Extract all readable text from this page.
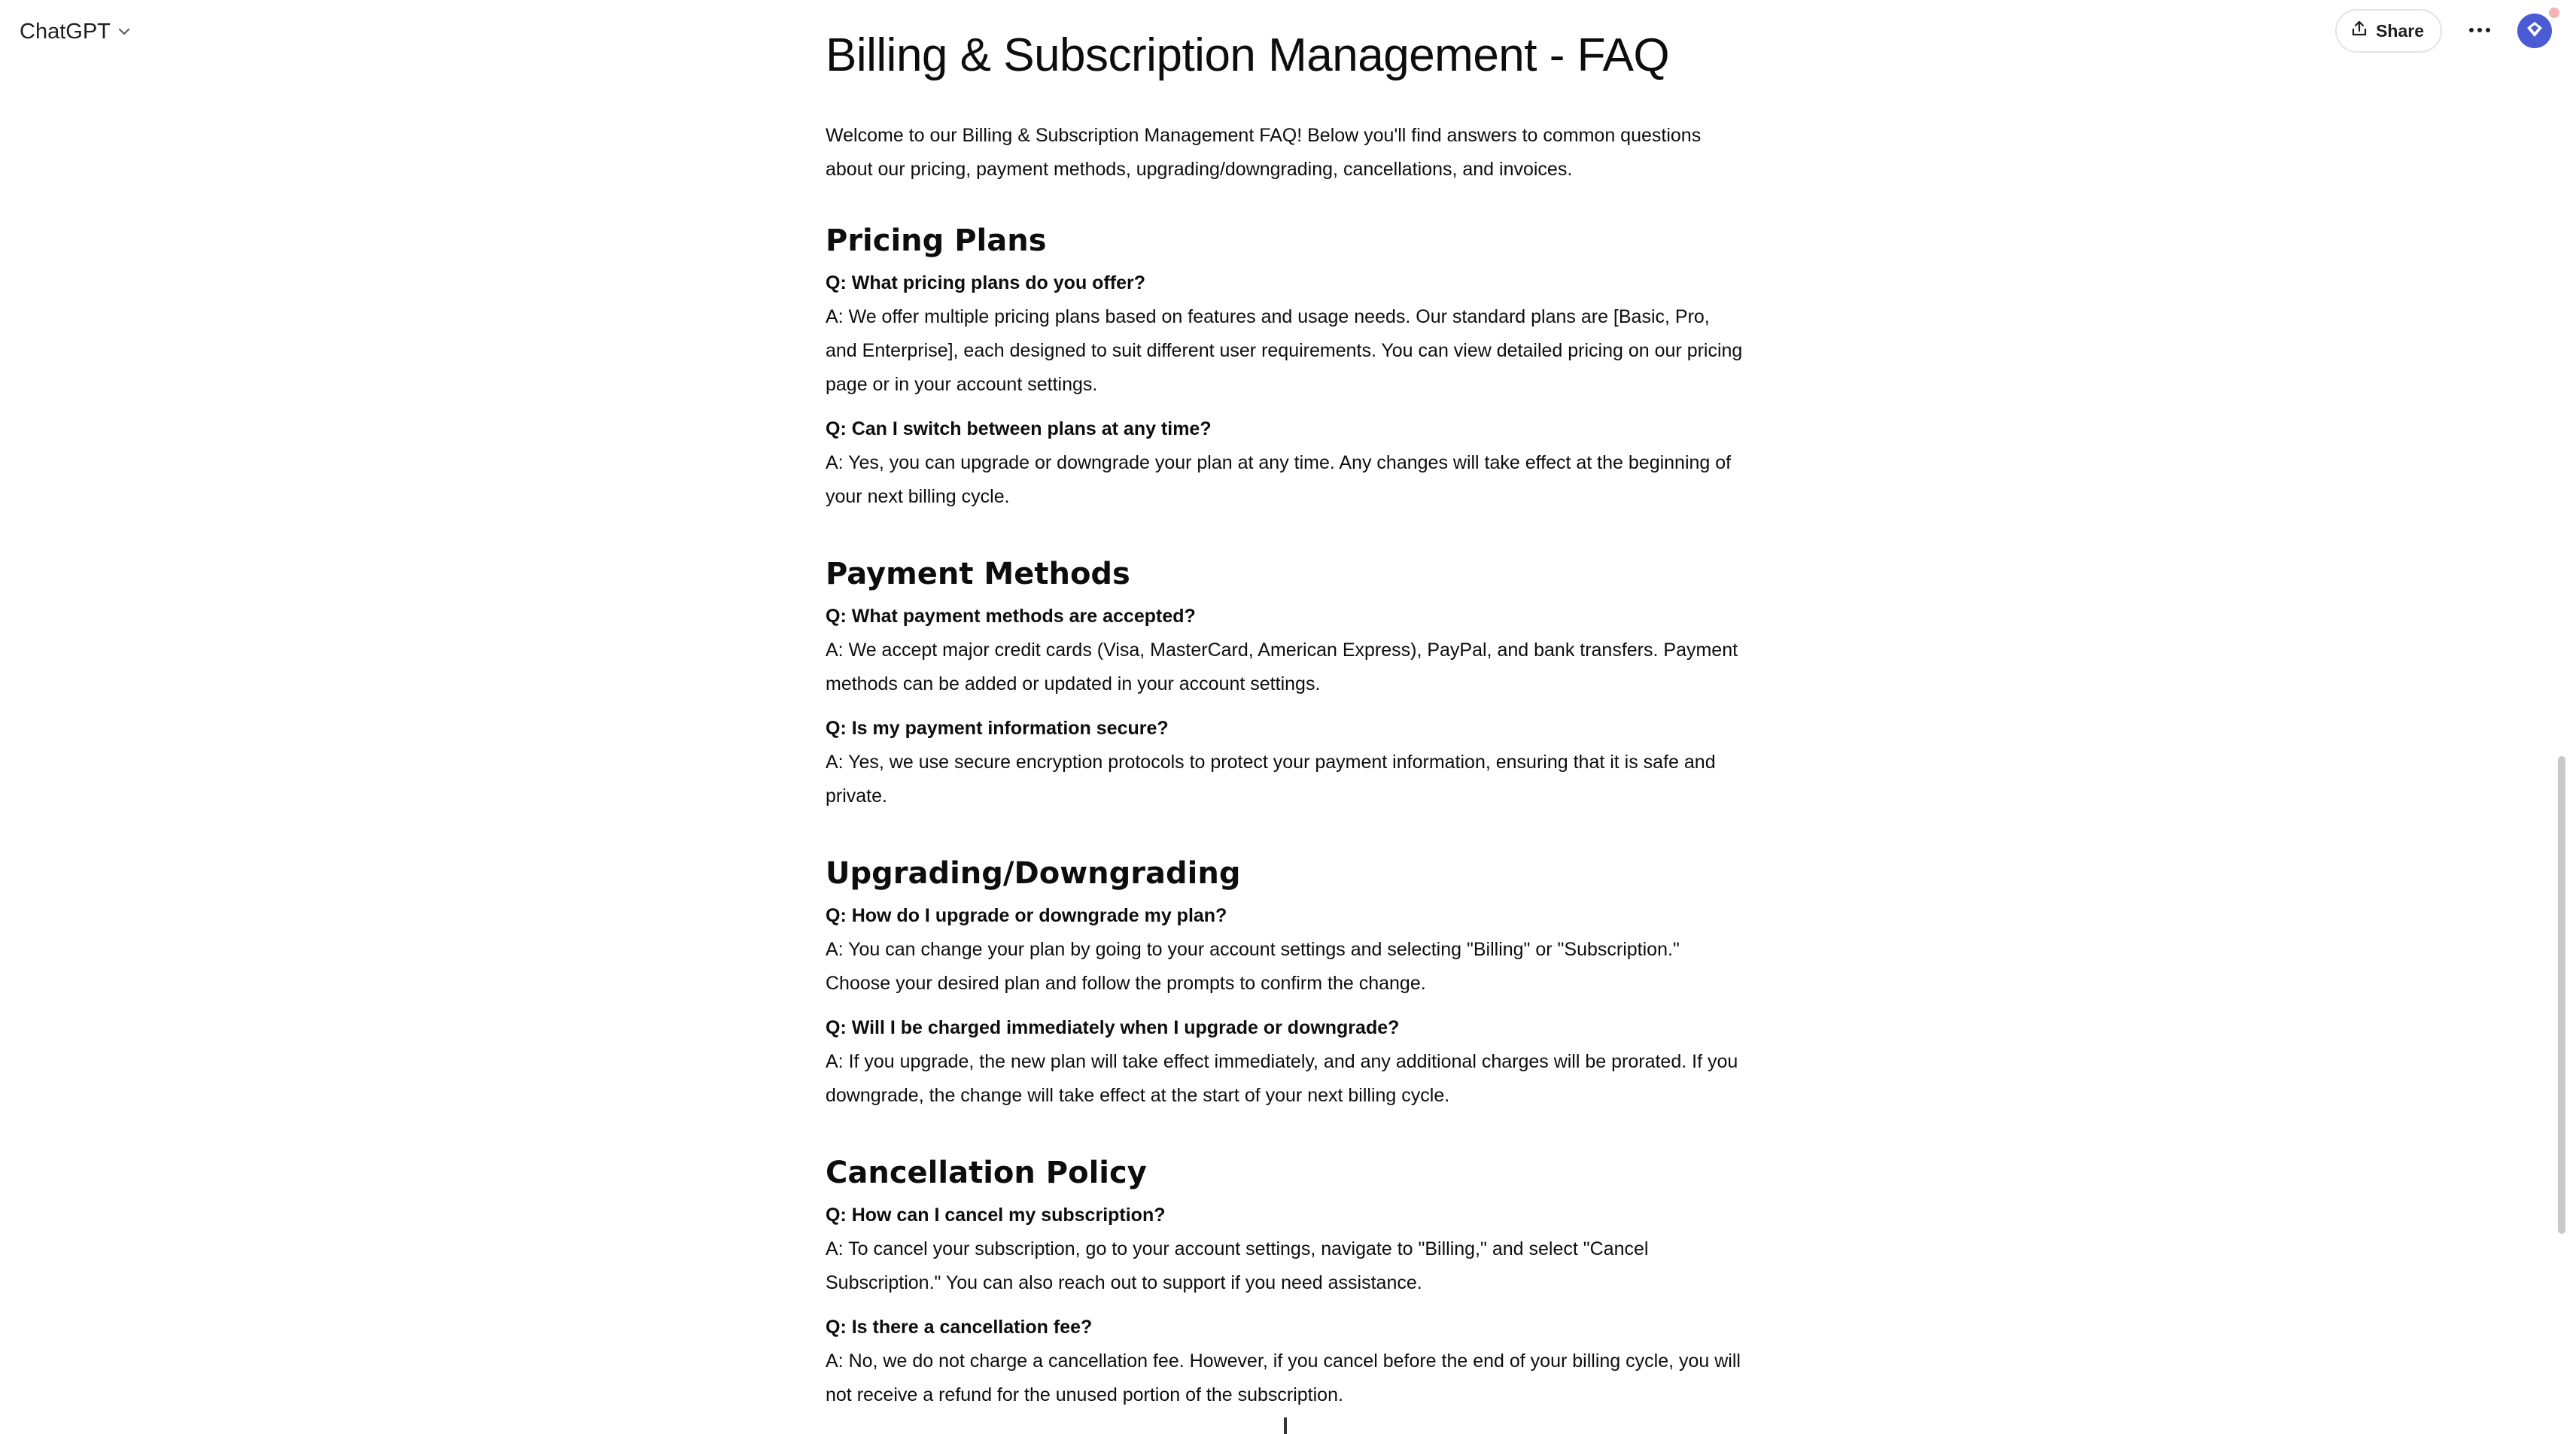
ChatGPT	Share
Billing & Subscription Management - FAQ

Welcome to our Billing & Subscription Management FAQ! Below you'll find answers to common questions about our pricing, payment methods, upgrading/downgrading, cancellations, and invoices.

Pricing Plans
Q: What pricing plans do you offer?
A: We offer multiple pricing plans based on features and usage needs. Our standard plans are [Basic, Pro, and Enterprise], each designed to suit different user requirements. You can view detailed pricing on our pricing page or in your account settings.
Q: Can I switch between plans at any time?
A: Yes, you can upgrade or downgrade your plan at any time. Any changes will take effect at the beginning of your next billing cycle.
Payment Methods
Q: What payment methods are accepted?
A: We accept major credit cards (Visa, MasterCard, American Express), PayPal, and bank transfers. Payment methods can be added or updated in your account settings.
Q: Is my payment information secure?
A: Yes, we use secure encryption protocols to protect your payment information, ensuring that it is safe and private.
Upgrading/Downgrading
Q: How do I upgrade or downgrade my plan?
A: You can change your plan by going to your account settings and selecting "Billing" or "Subscription." Choose your desired plan and follow the prompts to confirm the change.
Q: Will I be charged immediately when I upgrade or downgrade?
A: If you upgrade, the new plan will take effect immediately, and any additional charges will be prorated. If you downgrade, the change will take effect at the start of your next billing cycle.
Cancellation Policy
Q: How can I cancel my subscription?
A: To cancel your subscription, go to your account settings, navigate to "Billing," and select "Cancel Subscription." You can also reach out to support if you need assistance.
Q: Is there a cancellation fee?
A: No, we do not charge a cancellation fee. However, if you cancel before the end of your billing cycle, you will not receive a refund for the unused portion of the subscription.
